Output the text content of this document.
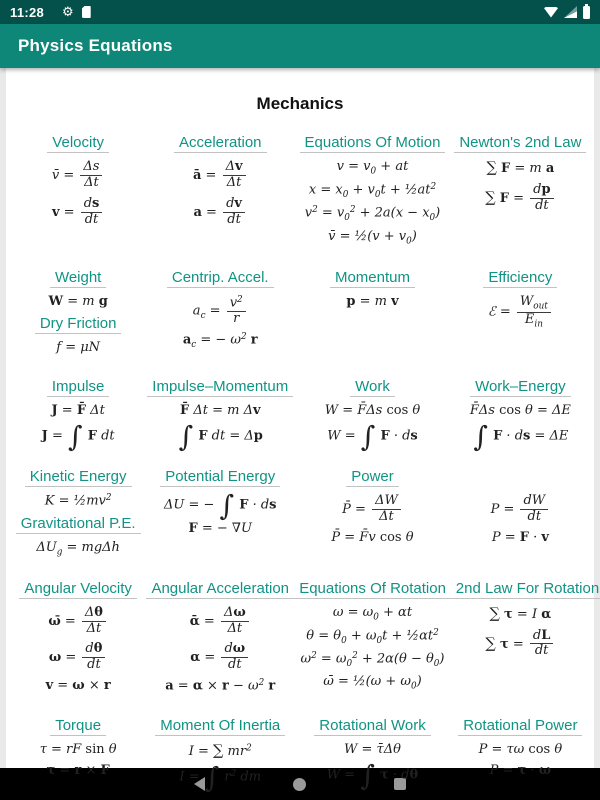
11:28 ⚙
Physics Equations
Mechanics
Velocity
v̄ = $\frac{\Delta s}{\Delta t}$
$v = \frac{ds}{dt}$
Acceleration
ā = $\frac{\Delta v}{\Delta t}$
$a = \frac{dv}{dt}$
Equations Of Motion
$v = v_0$ + at
$x = x_0 + v_0t$ + $\frac{1}{2}at^2$
$v^2 = v_0^2 + 2a(x - x_0)$
v̄ = ½(v + $v_0$)
Newton's 2nd Law
∑ F = m a
∑ $F = \frac{dp}{dt}$
Weight
W = m g
Dry Friction
f = μN
Centrip. Accel.
$a_c = \frac{v^2}{r}$
$a_c$ = − $\omega^2$ r
Momentum
p = m v
Efficiency
ℰ = $\frac{W_{out}}{E_{in}}$
Impulse
J = F̄ Δt
J = ∫ F dt
Impulse–Momentum
F̄ Δt = m Δv
∫ F dt = Δp
Work
W = F̄Δs cos θ
W = ∫ F · ds
Work–Energy
F̄Δs cos θ = ΔE
∫ F · ds = ΔE
Kinetic Energy
$K = \frac{1}{2}mv^2$
Gravitational P.E.
$\Delta U_g = mg\Delta h$
Potential Energy
ΔU = − ∫ F · ds
F = − ∇U
Power
P̄ = $\frac{\Delta W}{\Delta t}$
P̄ = F̄v cos θ
$P = \frac{dW}{dt}$
P = F · v
Angular Velocity
ω̄ = $\frac{\Delta\theta}{\Delta t}$
$\omega = \frac{d\theta}{dt}$
v = ω × r
Angular Acceleration
ᾱ = $\frac{\Delta\omega}{\Delta t}$
$\alpha = \frac{d\omega}{dt}$
$a = \alpha \times r - \omega^2$ r
Equations Of Rotation
$\omega = \omega_0 + \alpha t$
$\theta = \theta_0 + \omega_0t$ + $\frac{1}{2}\alpha t^2$
$\omega^2 = \omega_0^2 + 2\alpha(\theta - \theta_0)$
ω̄ = ½(ω + $\omega_0$)
2nd Law For Rotation
∑ τ = I α
∑ $\tau = \frac{dL}{dt}$
Torque
τ = rF sin θ
τ = r × F
Moment Of Inertia
I = ∑ $mr^2$
I = ∫ $r^2$ dm
Rotational Work
W = τ̄Δθ
W = ∫ τ · dθ
Rotational Power
P = τω cos θ
P = τ · ω
